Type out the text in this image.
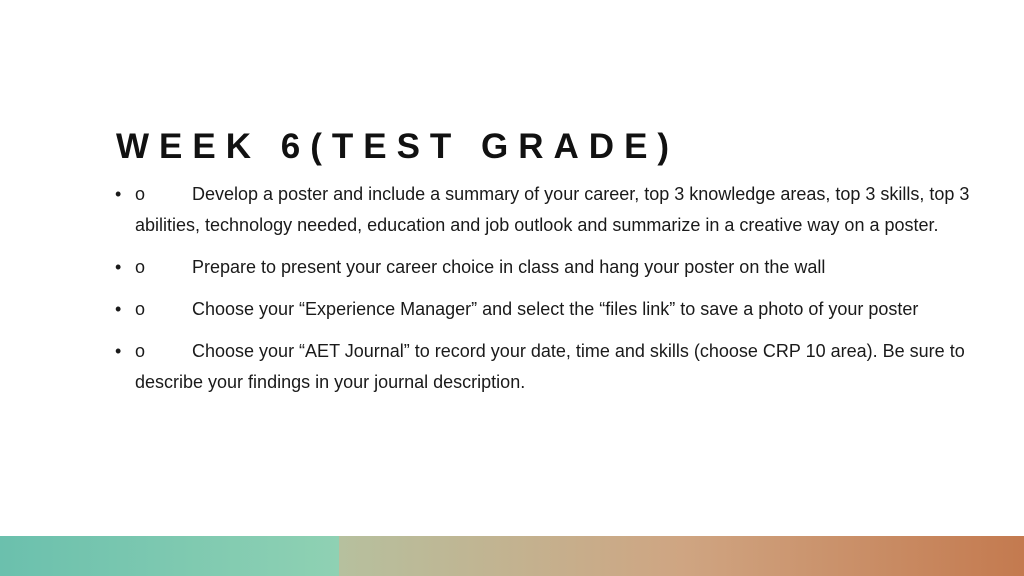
WEEK 6(TEST GRADE)
• o	Develop a poster and include a summary of your career, top 3 knowledge areas, top 3 skills, top 3 abilities, technology needed, education and job outlook and summarize in a creative way on a poster.
• o	Prepare to present your career choice in class and hang your poster on the wall
• o	Choose your “Experience Manager” and select the “files link” to save a photo of your poster
• o	Choose your “AET Journal” to record your date, time and skills (choose CRP 10 area). Be sure to describe your findings in your journal description.
